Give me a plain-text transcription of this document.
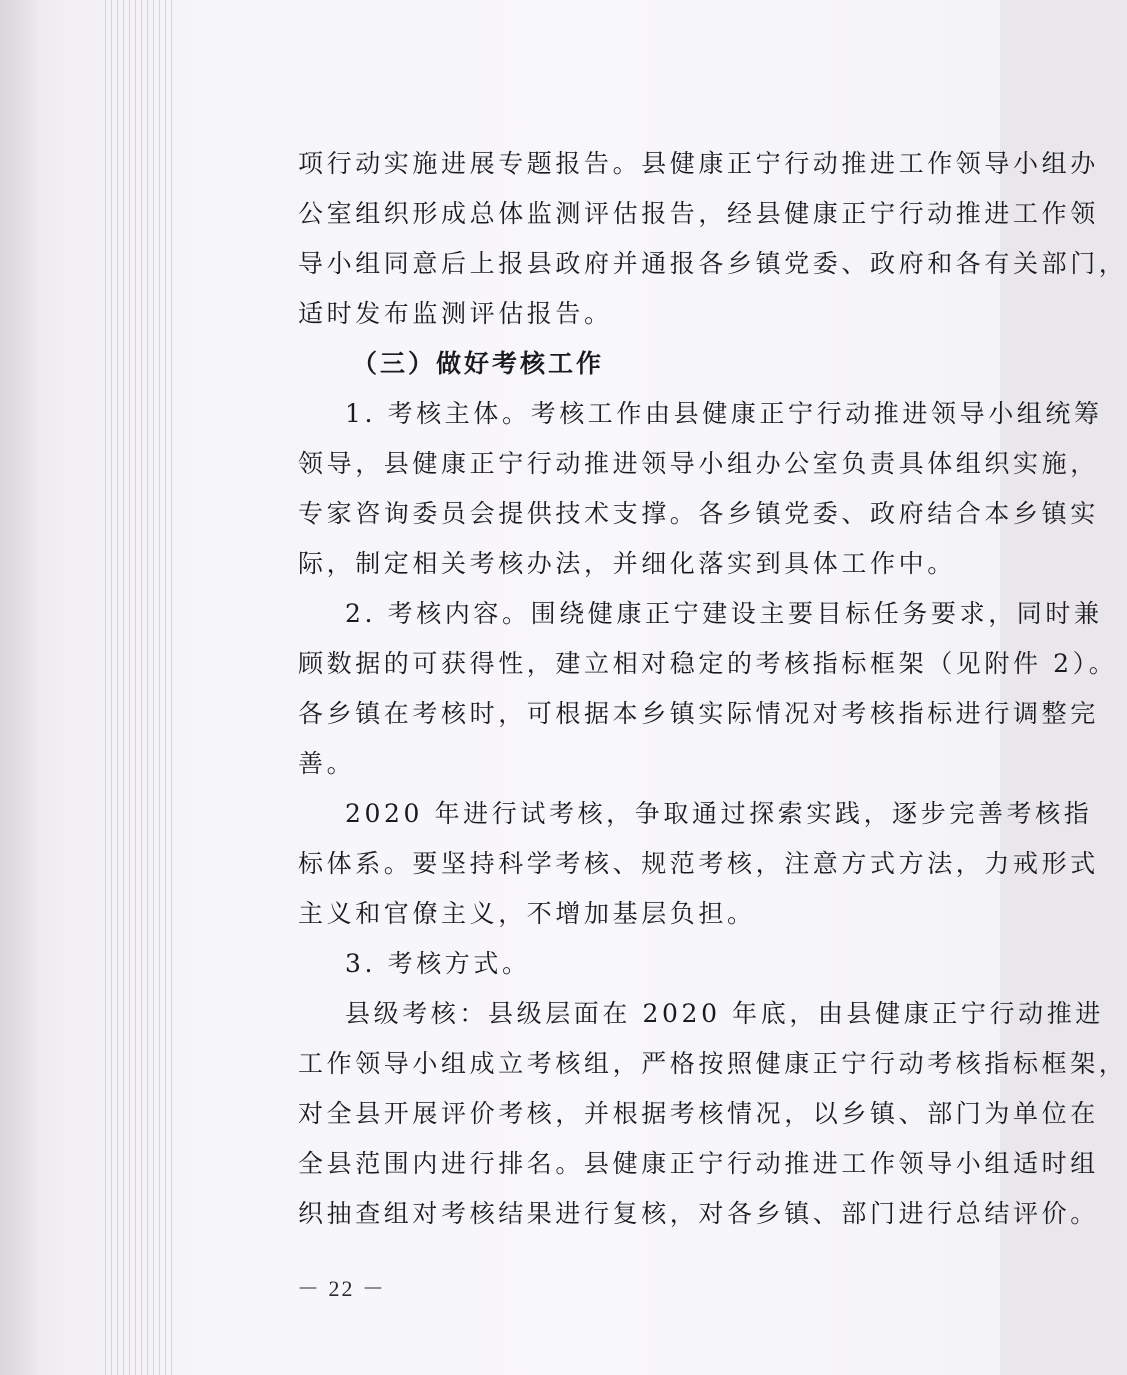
项行动实施进展专题报告。县健康正宁行动推进工作领导小组办
公室组织形成总体监测评估报告，经县健康正宁行动推进工作领
导小组同意后上报县政府并通报各乡镇党委、政府和各有关部门，
适时发布监测评估报告。
（三）做好考核工作
1. 考核主体。考核工作由县健康正宁行动推进领导小组统筹
领导，县健康正宁行动推进领导小组办公室负责具体组织实施，
专家咨询委员会提供技术支撑。各乡镇党委、政府结合本乡镇实
际，制定相关考核办法，并细化落实到具体工作中。
2. 考核内容。围绕健康正宁建设主要目标任务要求，同时兼
顾数据的可获得性，建立相对稳定的考核指标框架（见附件 2）。
各乡镇在考核时，可根据本乡镇实际情况对考核指标进行调整完
善。
2020 年进行试考核，争取通过探索实践，逐步完善考核指
标体系。要坚持科学考核、规范考核，注意方式方法，力戒形式
主义和官僚主义，不增加基层负担。
3. 考核方式。
县级考核：县级层面在 2020 年底，由县健康正宁行动推进
工作领导小组成立考核组，严格按照健康正宁行动考核指标框架，
对全县开展评价考核，并根据考核情况，以乡镇、部门为单位在
全县范围内进行排名。县健康正宁行动推进工作领导小组适时组
织抽查组对考核结果进行复核，对各乡镇、部门进行总结评价。
－ 22 －
